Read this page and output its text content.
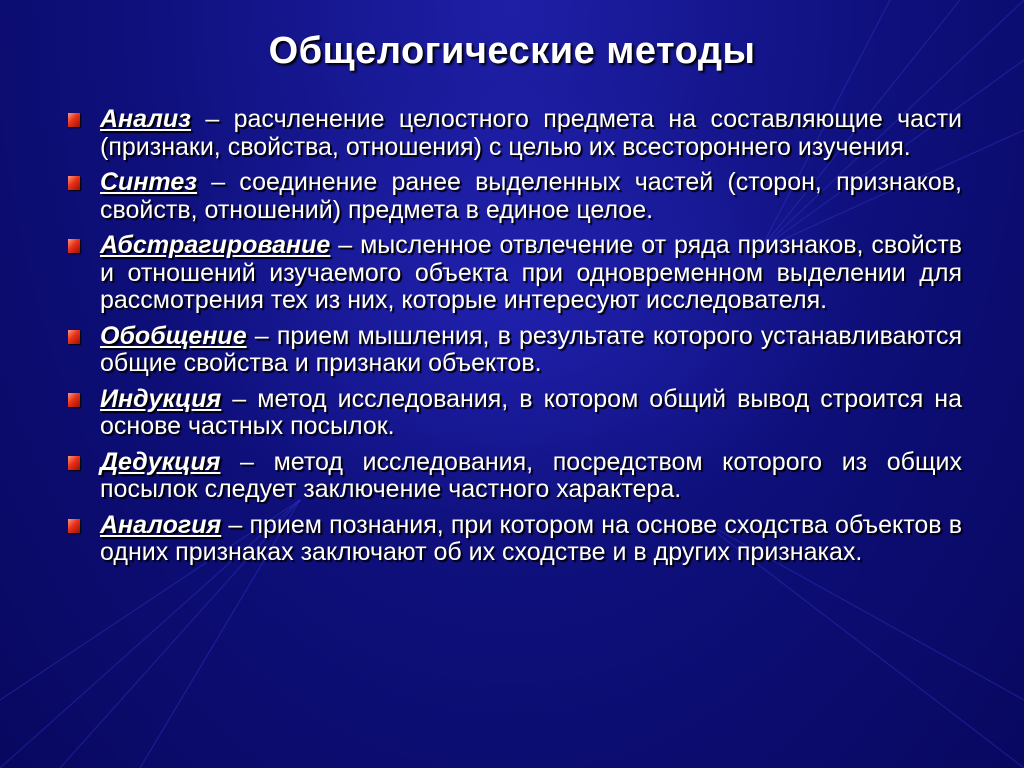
Общелогические методы
Анализ – расчленение целостного предмета на составляющие части (признаки, свойства, отношения) с целью их всестороннего изучения.
Синтез – соединение ранее выделенных частей (сторон, признаков, свойств, отношений) предмета в единое целое.
Абстрагирование – мысленное отвлечение от ряда признаков, свойств и отношений изучаемого объекта при одновременном выделении для рассмотрения тех из них, которые интересуют исследователя.
Обобщение – прием мышления, в результате которого устанавливаются общие свойства и признаки объектов.
Индукция – метод исследования, в котором общий вывод строится на основе частных посылок.
Дедукция – метод исследования, посредством которого из общих посылок следует заключение частного характера.
Аналогия – прием познания, при котором на основе сходства объектов в одних признаках заключают об их сходстве и в других признаках.
